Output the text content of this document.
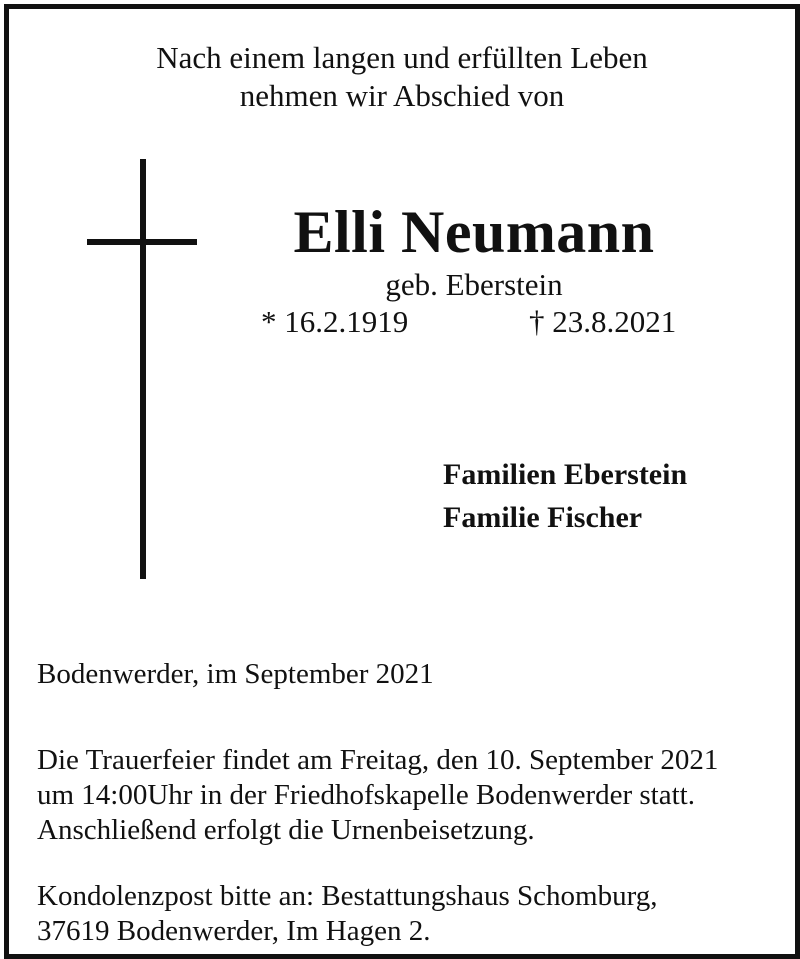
Nach einem langen und erfüllten Leben
nehmen wir Abschied von
Elli Neumann
geb. Eberstein
* 16.2.1919	† 23.8.2021
Familien Eberstein
Familie Fischer
Bodenwerder, im September 2021
Die Trauerfeier findet am Freitag, den 10. September 2021
um 14:00Uhr in der Friedhofskapelle Bodenwerder statt.
Anschließend erfolgt die Urnenbeisetzung.
Kondolenzpost bitte an: Bestattungshaus Schomburg,
37619 Bodenwerder, Im Hagen 2.
